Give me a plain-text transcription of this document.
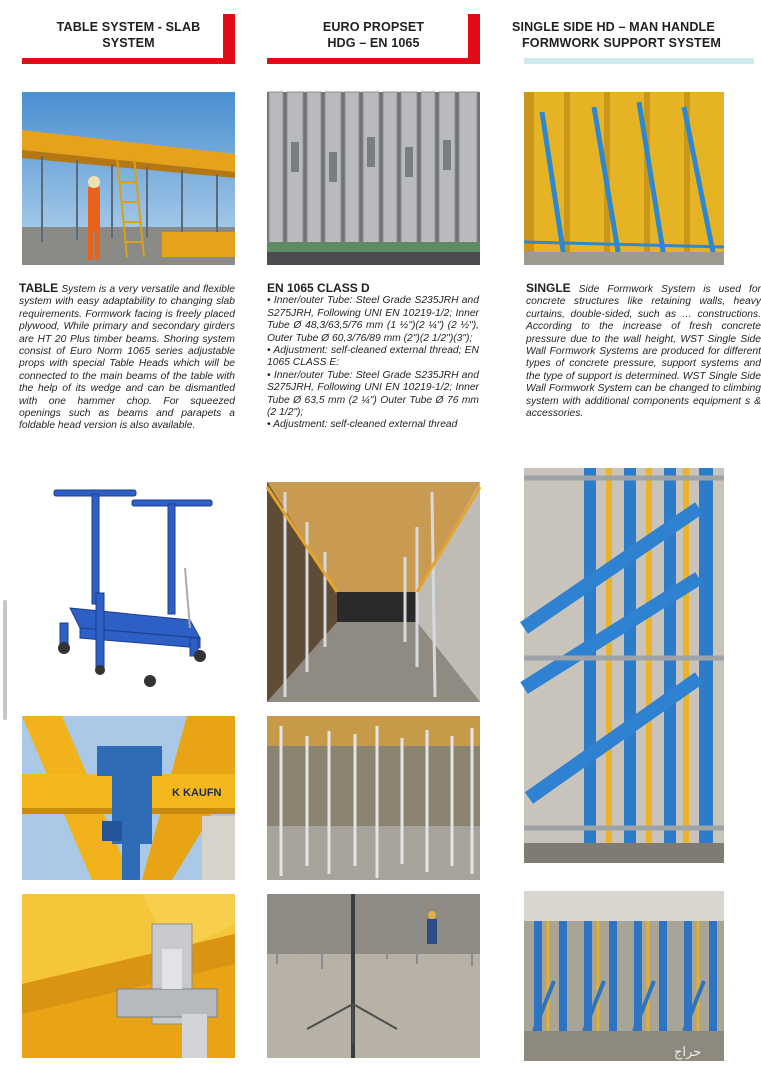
TABLE SYSTEM - SLAB
SYSTEM
TABLE System is a very versatile and flexible system with easy adaptability to changing slab requirements. Formwork facing is freely placed plywood, While primary and secondary girders are HT 20 Plus timber beams. Shoring system consist of Euro Norm 1065 series adjustable props with special Table Heads which will be connected to the main beams of the table with the help of its wedge and can be dismantled with one hammer chop. For squeezed openings such as beams and parapets a foldable head version is also available.
K KAUFN
EURO PROPSET
HDG – EN 1065
EN 1065 CLASS D

• Inner/outer Tube: Steel Grade S235JRH and S275JRH, Following UNI EN 10219-1/2; Inner Tube Ø 48,3/63,5/76 mm (1 ½")(2 ¼") (2 ½"), Outer Tube Ø 60,3/76/89 mm (2")(2 1/2")(3");

• Adjustment: self-cleaned external thread; EN 1065 CLASS E:

• Inner/outer Tube: Steel Grade S235JRH and S275JRH, Following UNI EN 10219-1/2; Inner Tube Ø 63,5 mm (2 ¼") Outer Tube Ø 76 mm (2 1/2");

• Adjustment: self-cleaned external thread

SINGLE SIDE HD – MAN HANDLE
FORMWORK SUPPORT SYSTEM
SINGLE Side Formwork System is used for concrete structures like retaining walls, heavy curtains, double-sided, such as … constructions. According to the increase of fresh concrete pressure due to the wall height, WST Single Side Wall Formwork Systems are produced for different types of concrete pressure, support systems and the type of support is determined. WST Single Side Wall Formwork System can be changed to climbing system with additional components equipment s & accessories.
حراج
